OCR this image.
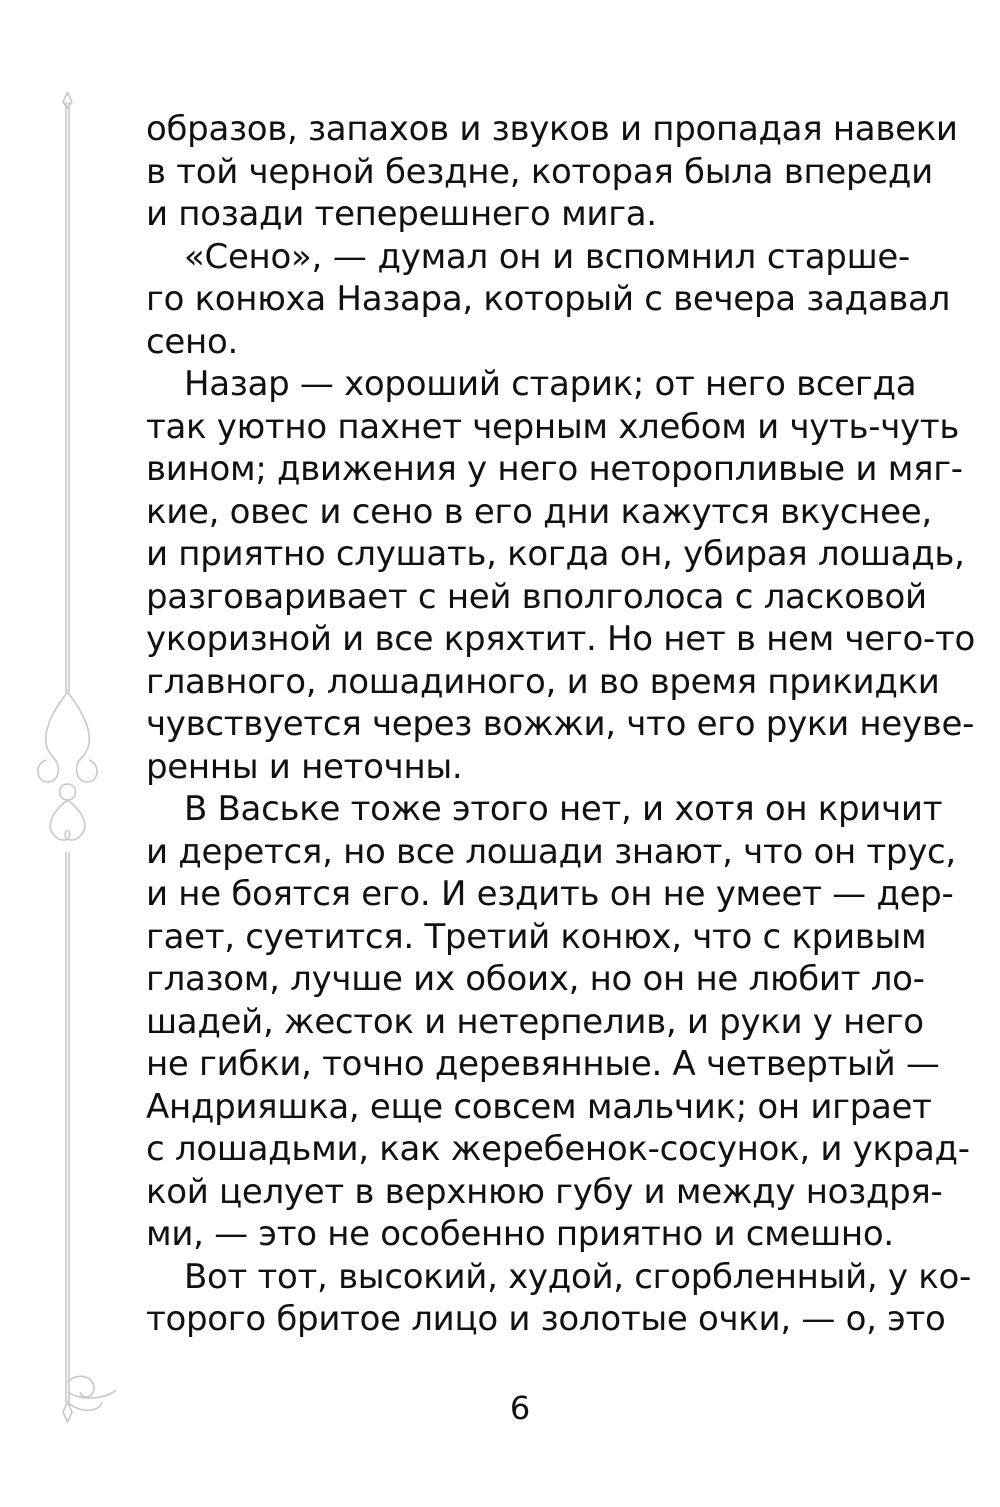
образов, запахов и звуков и пропадая навеки
в той черной бездне, которая была впереди
и позади теперешнего мига.
«Сено», — думал он и вспомнил старше-
го конюха Назара, который с вечера задавал
сено.
Назар — хороший старик; от него всегда
так уютно пахнет черным хлебом и чуть-чуть
вином; движения у него неторопливые и мяг-
кие, овес и сено в его дни кажутся вкуснее,
и приятно слушать, когда он, убирая лошадь,
разговаривает с ней вполголоса с ласковой
укоризной и все кряхтит. Но нет в нем чего-то
главного, лошадиного, и во время прикидки
чувствуется через вожжи, что его руки неуве-
ренны и неточны.
В Ваське тоже этого нет, и хотя он кричит
и дерется, но все лошади знают, что он трус,
и не боятся его. И ездить он не умеет — дер-
гает, суетится. Третий конюх, что с кривым
глазом, лучше их обоих, но он не любит ло-
шадей, жесток и нетерпелив, и руки у него
не гибки, точно деревянные. А четвертый —
Андрияшка, еще совсем мальчик; он играет
с лошадьми, как жеребенок-сосунок, и украд-
кой целует в верхнюю губу и между ноздря-
ми, — это не особенно приятно и смешно.
Вот тот, высокий, худой, сгорбленный, у ко-
торого бритое лицо и золотые очки, — о, это
6
